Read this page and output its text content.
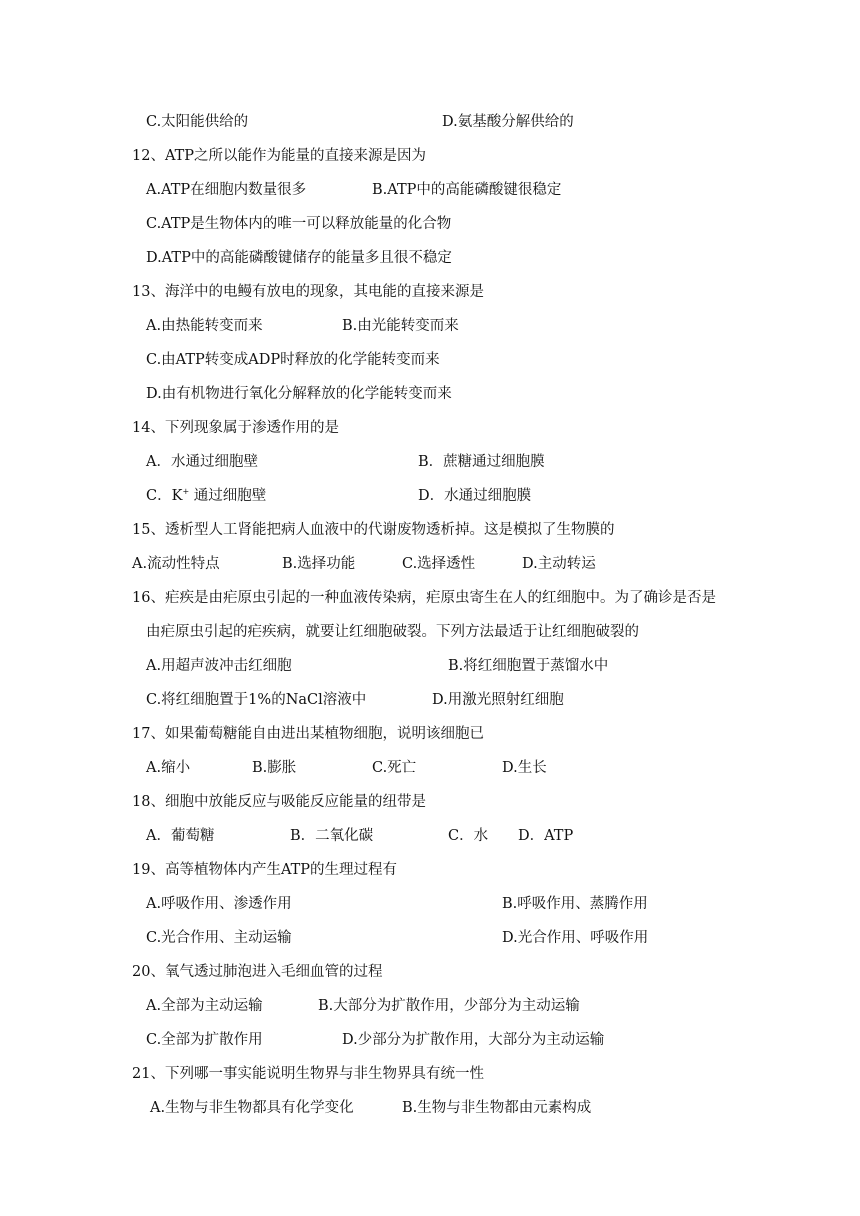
C.太阳能供给的	D.氨基酸分解供给的
12、ATP之所以能作为能量的直接来源是因为
A.ATP在细胞内数量很多	B.ATP中的高能磷酸键很稳定
C.ATP是生物体内的唯一可以释放能量的化合物
D.ATP中的高能磷酸键储存的能量多且很不稳定
13、海洋中的电鳗有放电的现象，其电能的直接来源是
A.由热能转变而来	B.由光能转变而来
C.由ATP转变成ADP时释放的化学能转变而来
D.由有机物进行氧化分解释放的化学能转变而来
14、下列现象属于渗透作用的是
A．水通过细胞壁	B．蔗糖通过细胞膜
C．K+ 通过细胞壁	D．水通过细胞膜
15、透析型人工肾能把病人血液中的代谢废物透析掉。这是模拟了生物膜的
A.流动性特点	B.选择功能	C.选择透性	D.主动转运
16、疟疾是由疟原虫引起的一种血液传染病，疟原虫寄生在人的红细胞中。为了确诊是否是
由疟原虫引起的疟疾病，就要让红细胞破裂。下列方法最适于让红细胞破裂的
A.用超声波冲击红细胞	B.将红细胞置于蒸馏水中
C.将红细胞置于1%的NaCl溶液中	D.用激光照射红细胞
17、如果葡萄糖能自由进出某植物细胞，说明该细胞已
A.缩小	B.膨胀	C.死亡	D.生长
18、细胞中放能反应与吸能反应能量的纽带是
A．葡萄糖	B．二氧化碳	C．水 D．ATP
19、高等植物体内产生ATP的生理过程有
A.呼吸作用、渗透作用	B.呼吸作用、蒸腾作用
C.光合作用、主动运输	D.光合作用、呼吸作用
20、氧气透过肺泡进入毛细血管的过程
A.全部为主动运输	B.大部分为扩散作用，少部分为主动运输
C.全部为扩散作用	D.少部分为扩散作用，大部分为主动运输
21、下列哪一事实能说明生物界与非生物界具有统一性
A.生物与非生物都具有化学变化	B.生物与非生物都由元素构成
